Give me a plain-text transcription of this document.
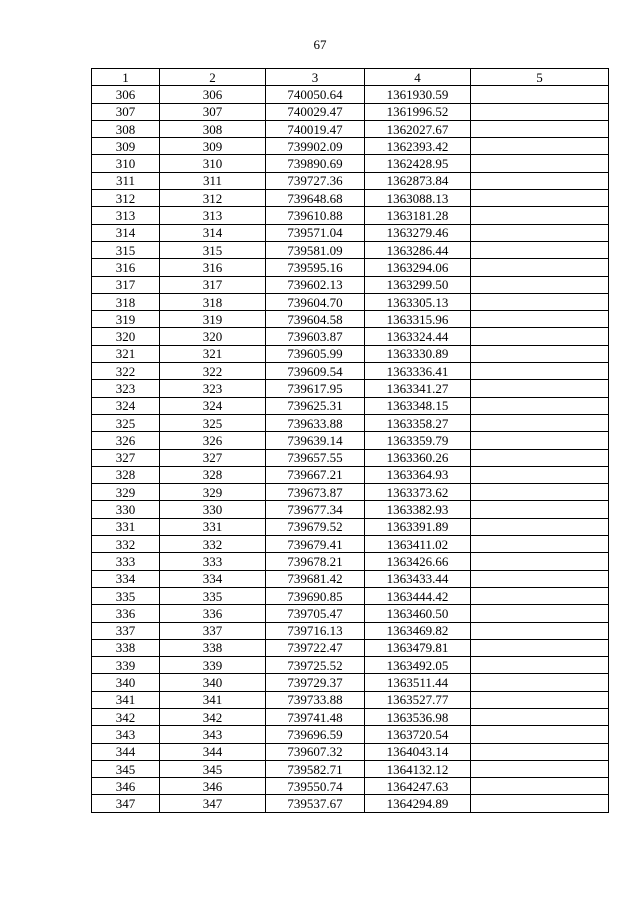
67
1	2	3	4	5
306	306	740050.64	1361930.59	
307	307	740029.47	1361996.52	
308	308	740019.47	1362027.67	
309	309	739902.09	1362393.42	
310	310	739890.69	1362428.95	
311	311	739727.36	1362873.84	
312	312	739648.68	1363088.13	
313	313	739610.88	1363181.28	
314	314	739571.04	1363279.46	
315	315	739581.09	1363286.44	
316	316	739595.16	1363294.06	
317	317	739602.13	1363299.50	
318	318	739604.70	1363305.13	
319	319	739604.58	1363315.96	
320	320	739603.87	1363324.44	
321	321	739605.99	1363330.89	
322	322	739609.54	1363336.41	
323	323	739617.95	1363341.27	
324	324	739625.31	1363348.15	
325	325	739633.88	1363358.27	
326	326	739639.14	1363359.79	
327	327	739657.55	1363360.26	
328	328	739667.21	1363364.93	
329	329	739673.87	1363373.62	
330	330	739677.34	1363382.93	
331	331	739679.52	1363391.89	
332	332	739679.41	1363411.02	
333	333	739678.21	1363426.66	
334	334	739681.42	1363433.44	
335	335	739690.85	1363444.42	
336	336	739705.47	1363460.50	
337	337	739716.13	1363469.82	
338	338	739722.47	1363479.81	
339	339	739725.52	1363492.05	
340	340	739729.37	1363511.44	
341	341	739733.88	1363527.77	
342	342	739741.48	1363536.98	
343	343	739696.59	1363720.54	
344	344	739607.32	1364043.14	
345	345	739582.71	1364132.12	
346	346	739550.74	1364247.63	
347	347	739537.67	1364294.89	
